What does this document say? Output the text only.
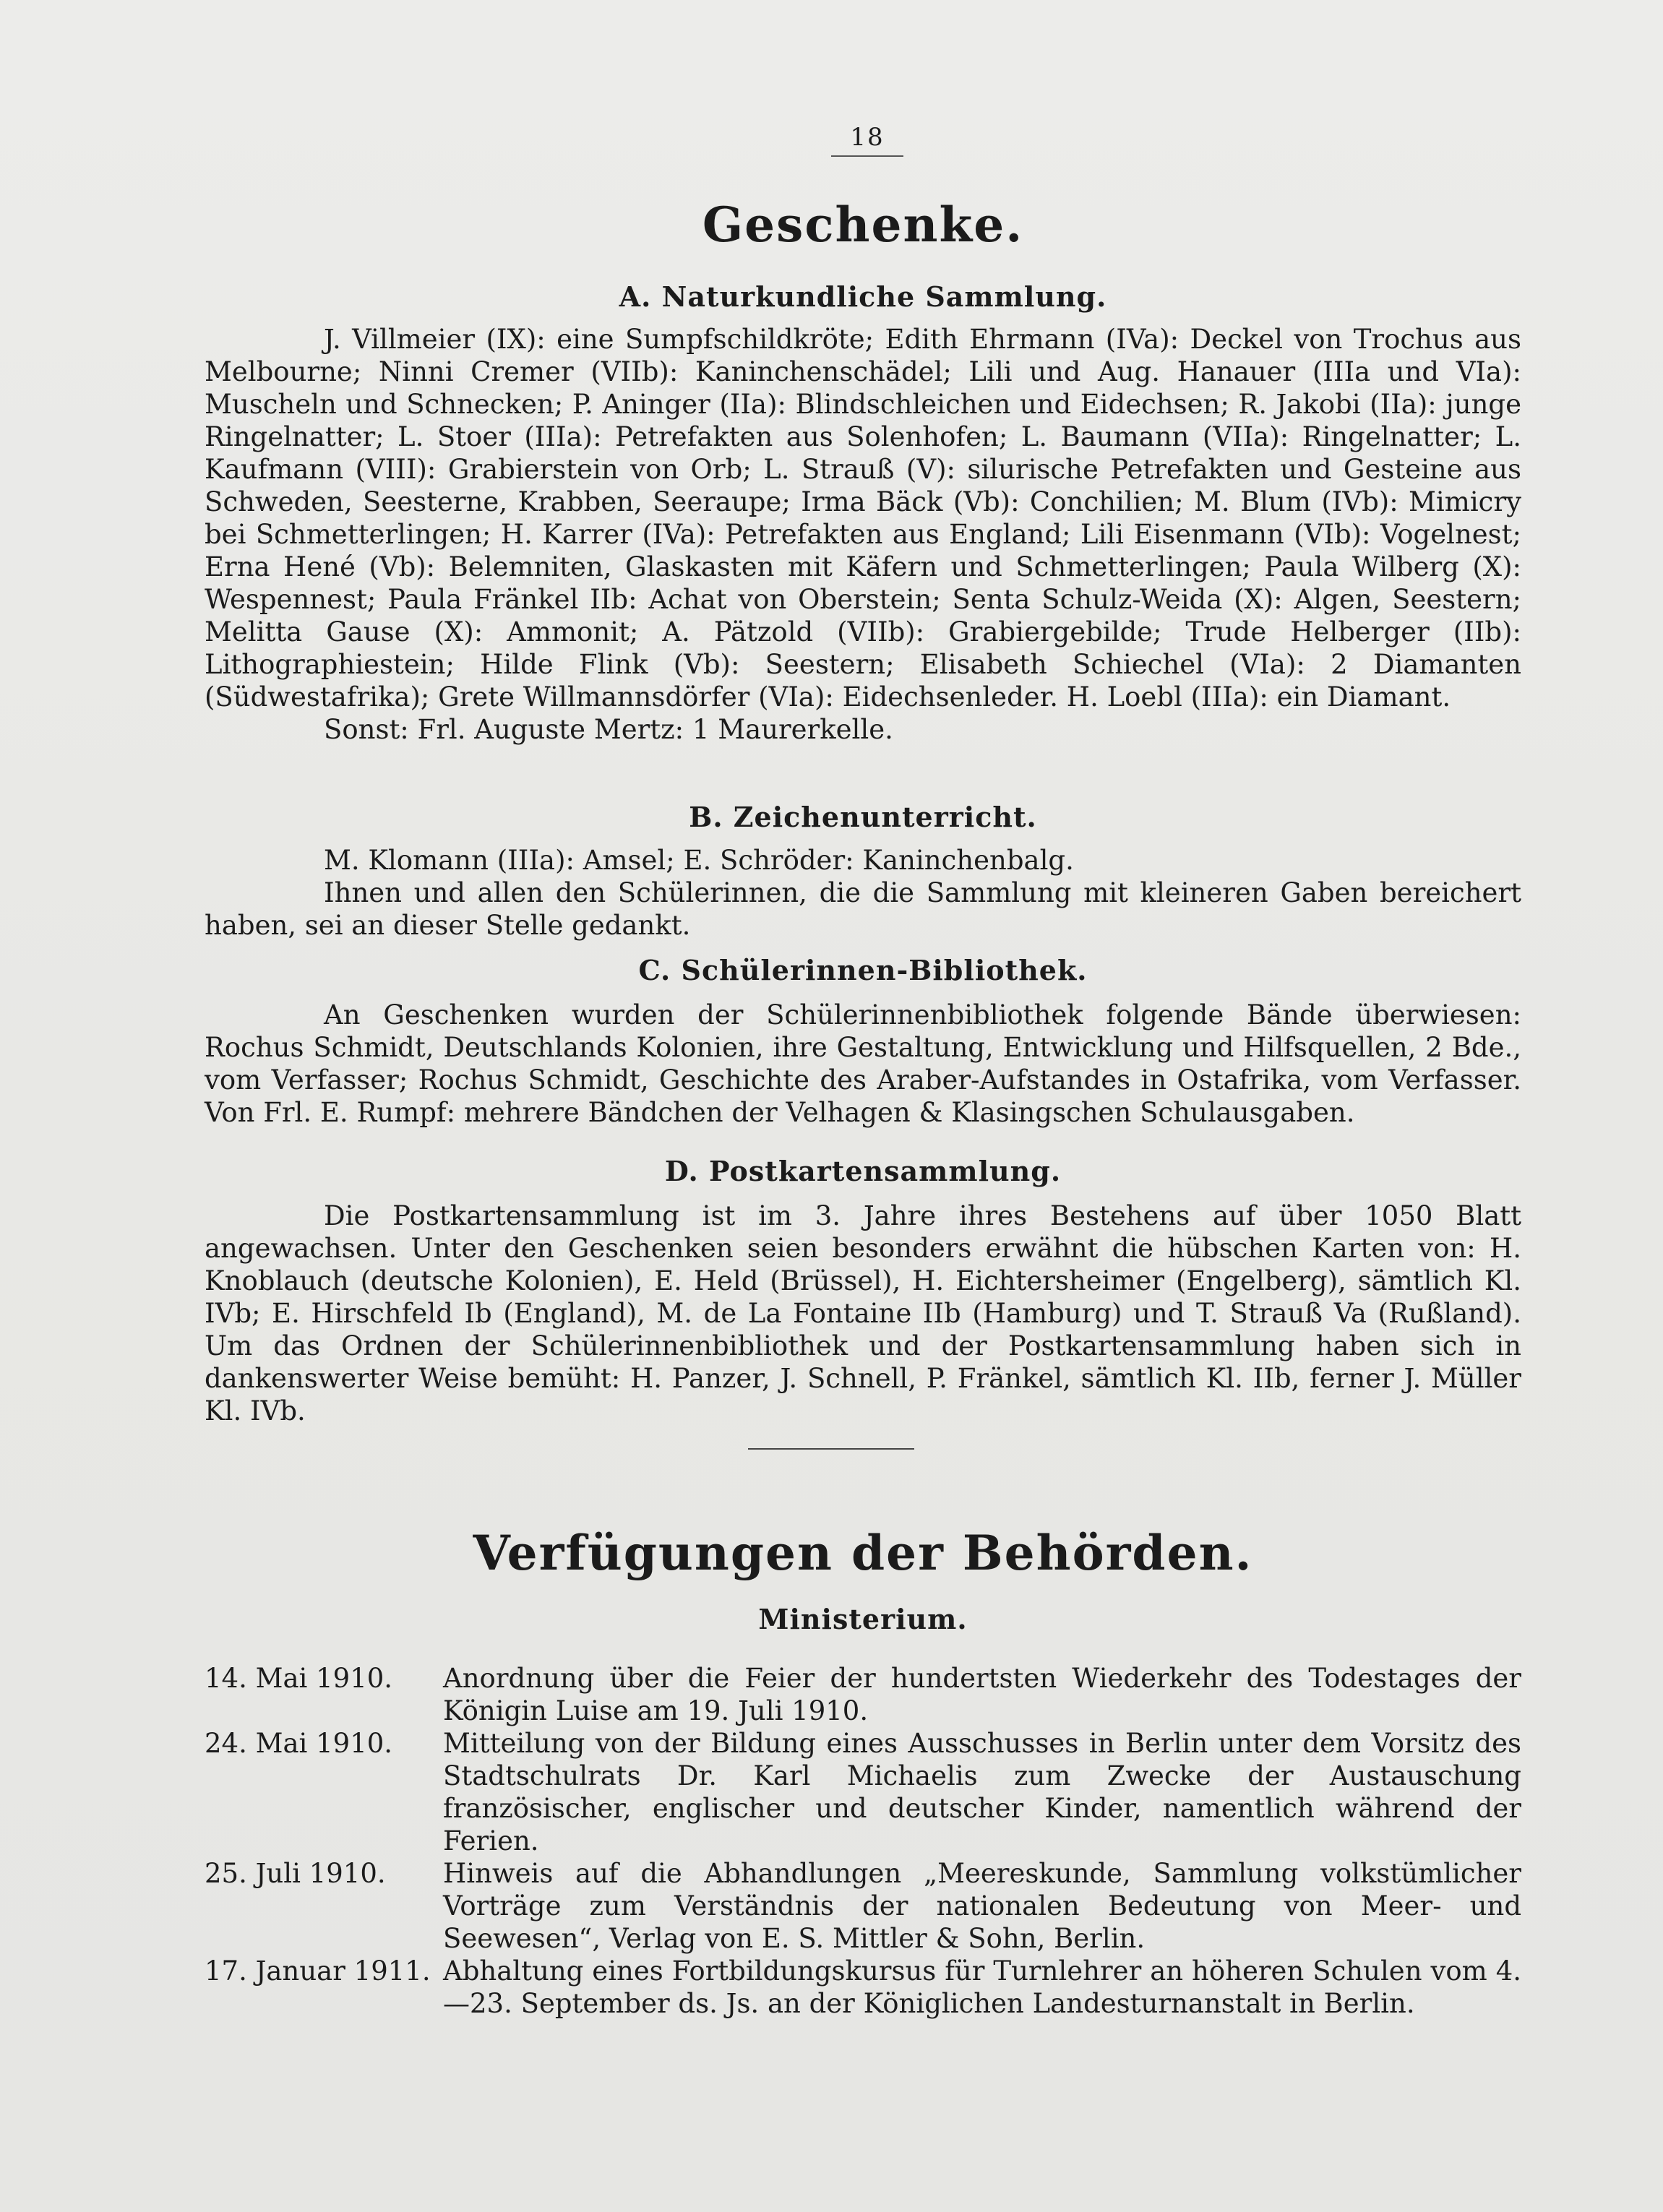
18
Geschenke.
A. Naturkundliche Sammlung.

J. Villmeier (IX): eine Sumpfschildkröte; Edith Ehrmann (IVa): Deckel von Trochus aus Melbourne; Ninni Cremer (VIIb): Kaninchenschädel; Lili und Aug. Hanauer (IIIa und VIa): Muscheln und Schnecken; P. Aninger (IIa): Blindschleichen und Eidechsen; R. Jakobi (IIa): junge Ringelnatter; L. Stoer (IIIa): Petrefakten aus Solenhofen; L. Baumann (VIIa): Ringelnatter; L. Kaufmann (VIII): Grabierstein von Orb; L. Strauß (V): silurische Petrefakten und Gesteine aus Schweden, Seesterne, Krabben, Seeraupe; Irma Bäck (Vb): Conchilien; M. Blum (IVb): Mimicry bei Schmetterlingen; H. Karrer (IVa): Petrefakten aus England; Lili Eisenmann (VIb): Vogelnest; Erna Hené (Vb): Belemniten, Glaskasten mit Käfern und Schmetterlingen; Paula Wilberg (X): Wespennest; Paula Fränkel IIb: Achat von Oberstein; Senta Schulz-Weida (X): Algen, Seestern; Melitta Gause (X): Ammonit; A. Pätzold (VIIb): Grabiergebilde; Trude Helberger (IIb): Lithographiestein; Hilde Flink (Vb): Seestern; Elisabeth Schiechel (VIa): 2 Diamanten (Südwestafrika); Grete Willmannsdörfer (VIa): Eidechsenleder. H. Loebl (IIIa): ein Diamant.

Sonst: Frl. Auguste Mertz: 1 Maurerkelle.

B. Zeichenunterricht.

M. Klomann (IIIa): Amsel; E. Schröder: Kaninchenbalg.

Ihnen und allen den Schülerinnen, die die Sammlung mit kleineren Gaben bereichert haben, sei an dieser Stelle gedankt.

C. Schülerinnen-Bibliothek.

An Geschenken wurden der Schülerinnenbibliothek folgende Bände überwiesen: Rochus Schmidt, Deutschlands Kolonien, ihre Gestaltung, Entwicklung und Hilfsquellen, 2 Bde., vom Verfasser; Rochus Schmidt, Geschichte des Araber-Aufstandes in Ostafrika, vom Verfasser. Von Frl. E. Rumpf: mehrere Bändchen der Velhagen & Klasingschen Schulausgaben.

D. Postkartensammlung.

Die Postkartensammlung ist im 3. Jahre ihres Bestehens auf über 1050 Blatt angewachsen. Unter den Geschenken seien besonders erwähnt die hübschen Karten von: H. Knoblauch (deutsche Kolonien), E. Held (Brüssel), H. Eichtersheimer (Engelberg), sämtlich Kl. IVb; E. Hirschfeld Ib (England), M. de La Fontaine IIb (Hamburg) und T. Strauß Va (Rußland). Um das Ordnen der Schülerinnenbibliothek und der Postkartensammlung haben sich in dankenswerter Weise bemüht: H. Panzer, J. Schnell, P. Fränkel, sämtlich Kl. IIb, ferner J. Müller Kl. IVb.

Verfügungen der Behörden.
Ministerium.
14. Mai 1910.	Anordnung über die Feier der hundertsten Wiederkehr des Todestages der Königin Luise am 19. Juli 1910.
24. Mai 1910.	Mitteilung von der Bildung eines Ausschusses in Berlin unter dem Vorsitz des Stadtschulrats Dr. Karl Michaelis zum Zwecke der Austauschung französischer, englischer und deutscher Kinder, namentlich während der Ferien.
25. Juli 1910.	Hinweis auf die Abhandlungen „Meereskunde, Sammlung volkstümlicher Vorträge zum Verständnis der nationalen Bedeutung von Meer- und Seewesen“, Verlag von E. S. Mittler & Sohn, Berlin.
17. Januar 1911. Abhaltung eines Fortbildungskursus für Turnlehrer an höheren Schulen vom 4.—23. September ds. Js. an der Königlichen Landesturnanstalt in Berlin.
